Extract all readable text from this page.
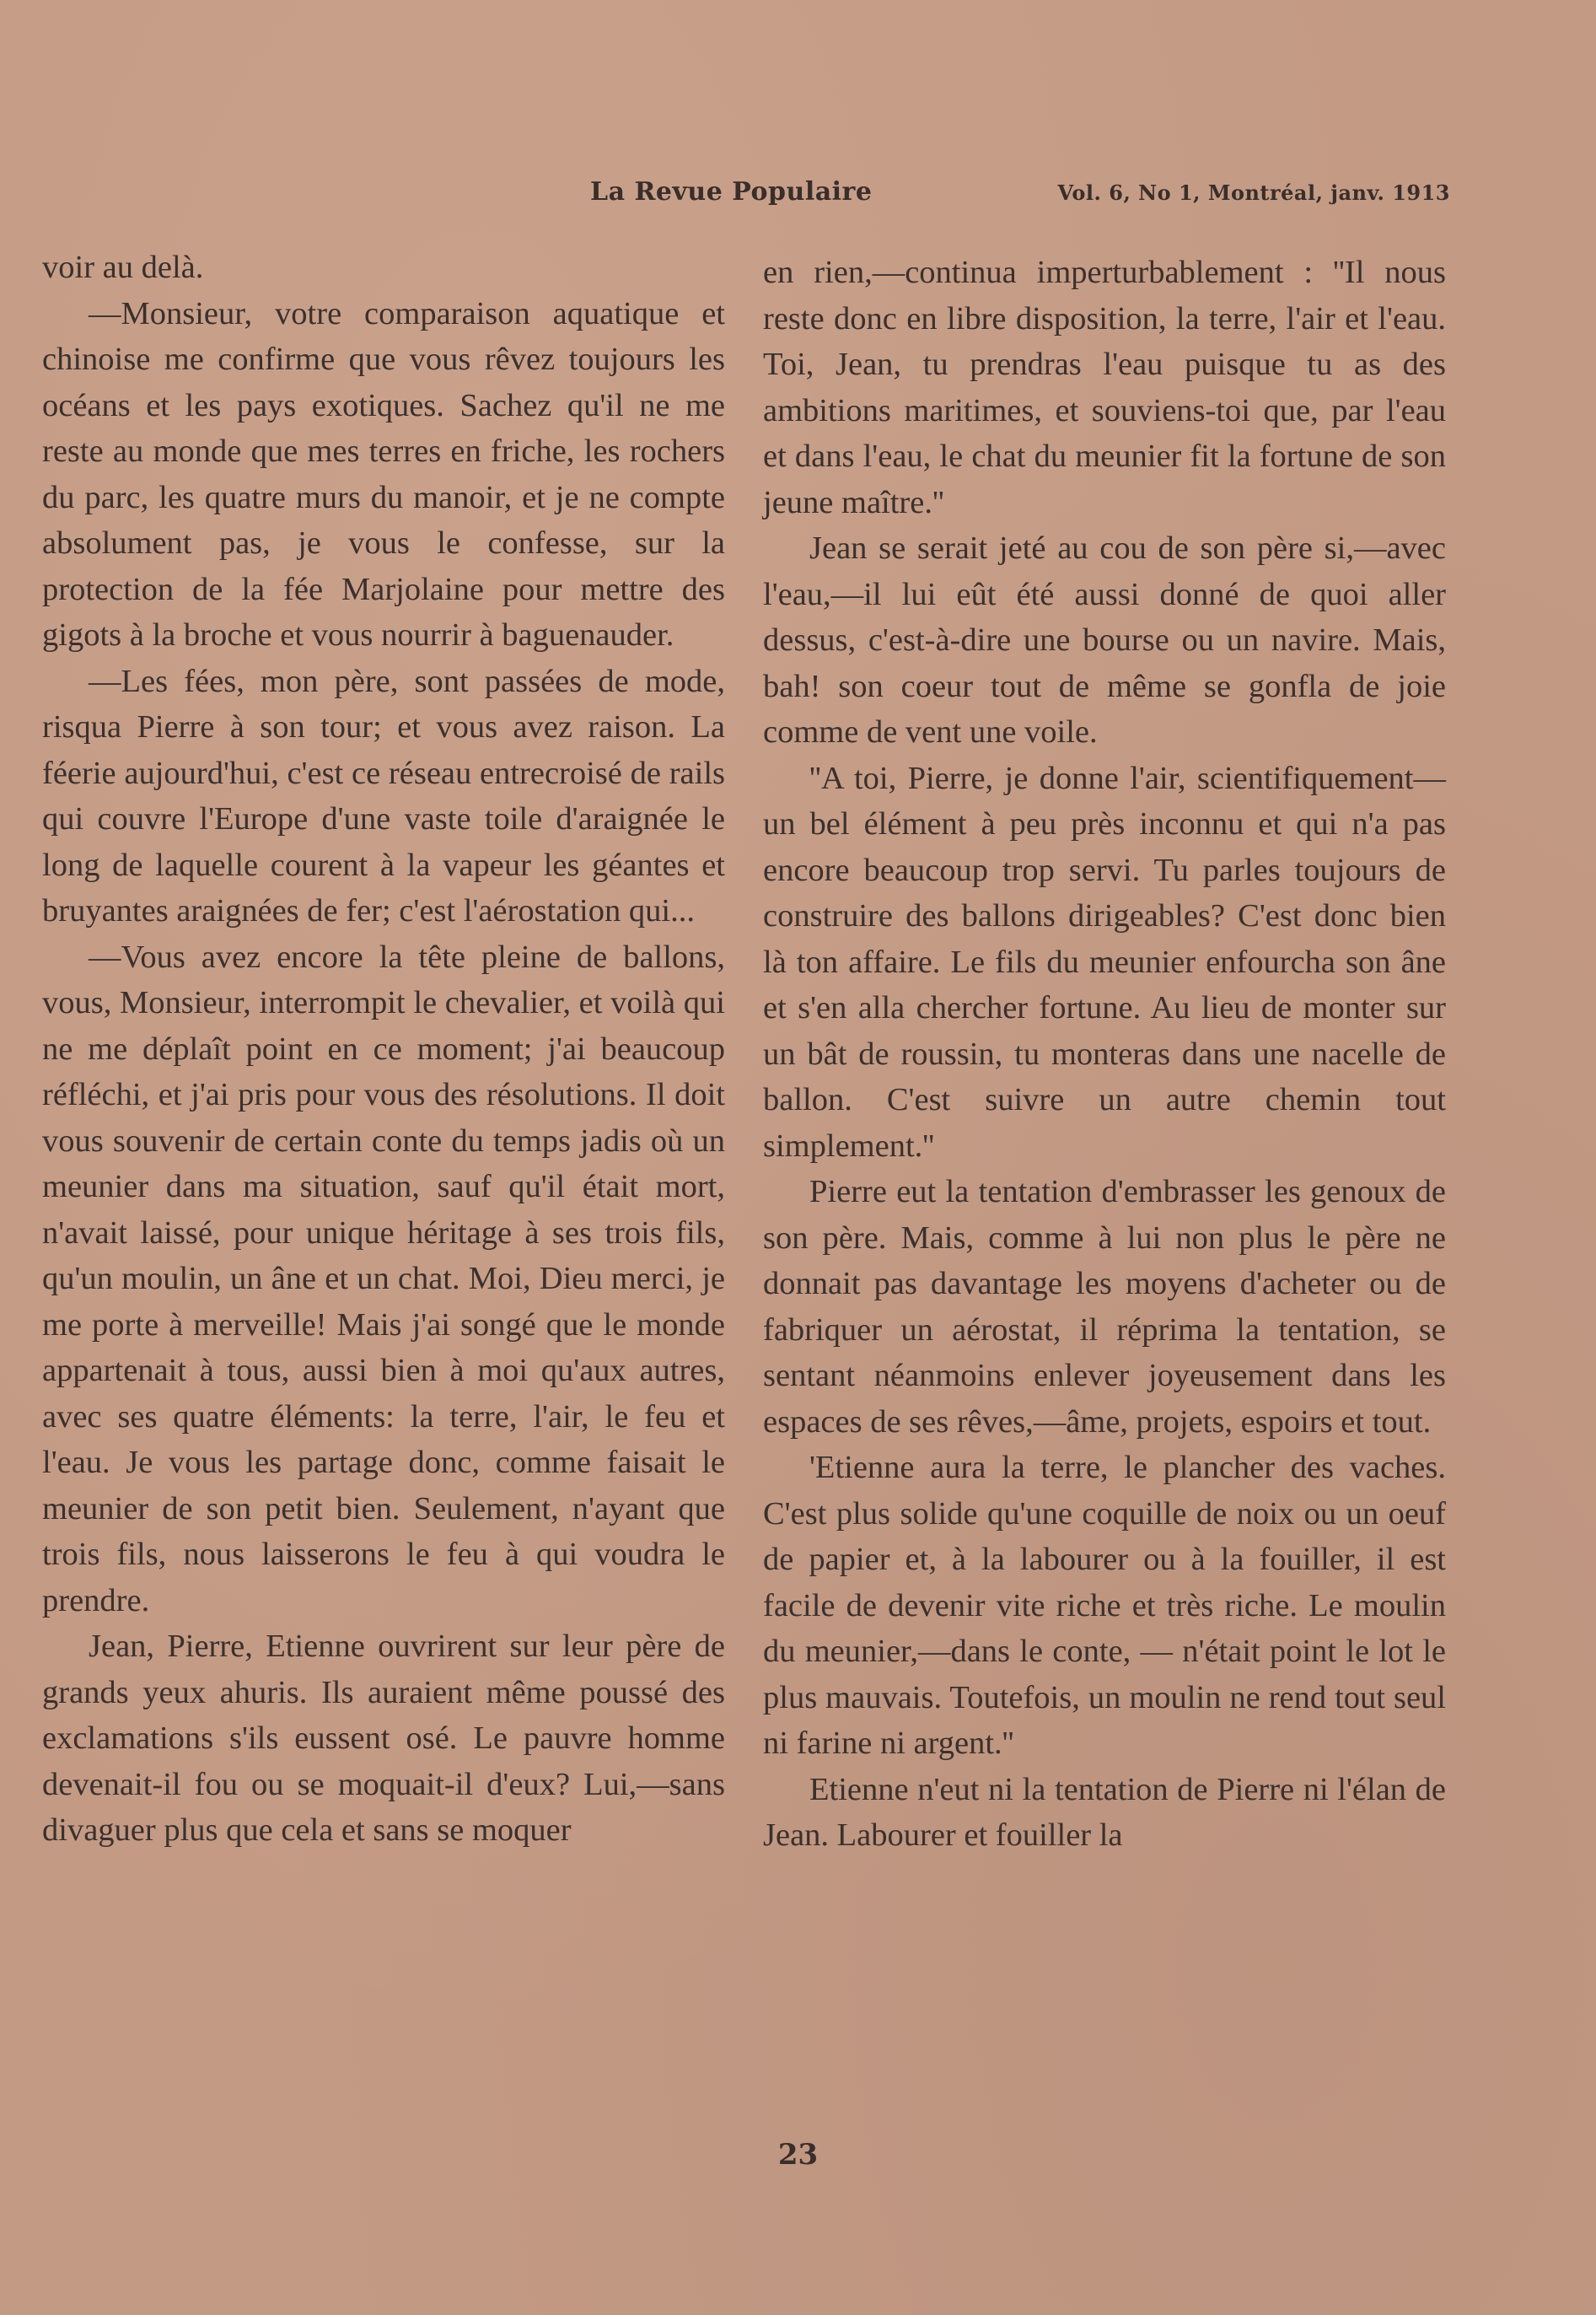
La Revue Populaire	Vol. 6, No 1, Montréal, janv. 1913

voir au delà.

—Monsieur, votre comparaison aquatique et chinoise me confirme que vous rêvez toujours les océans et les pays exotiques. Sachez qu'il ne me reste au monde que mes terres en friche, les rochers du parc, les quatre murs du manoir, et je ne compte absolument pas, je vous le confesse, sur la protection de la fée Marjolaine pour mettre des gigots à la broche et vous nourrir à baguenauder.

—Les fées, mon père, sont passées de mode, risqua Pierre à son tour; et vous avez raison. La féerie aujourd'hui, c'est ce réseau entrecroisé de rails qui couvre l'Europe d'une vaste toile d'araignée le long de laquelle courent à la vapeur les géantes et bruyantes araignées de fer; c'est l'aérostation qui...

—Vous avez encore la tête pleine de ballons, vous, Monsieur, interrompit le chevalier, et voilà qui ne me déplaît point en ce moment; j'ai beaucoup réfléchi, et j'ai pris pour vous des résolutions. Il doit vous souvenir de certain conte du temps jadis où un meunier dans ma situation, sauf qu'il était mort, n'avait laissé, pour unique héritage à ses trois fils, qu'un moulin, un âne et un chat. Moi, Dieu merci, je me porte à merveille! Mais j'ai songé que le monde appartenait à tous, aussi bien à moi qu'aux autres, avec ses quatre éléments: la terre, l'air, le feu et l'eau. Je vous les partage donc, comme faisait le meunier de son petit bien. Seulement, n'ayant que trois fils, nous laisserons le feu à qui voudra le prendre.

Jean, Pierre, Etienne ouvrirent sur leur père de grands yeux ahuris. Ils auraient même poussé des exclamations s'ils eussent osé. Le pauvre homme devenait-il fou ou se moquait-il d'eux? Lui,—sans divaguer plus que cela et sans se moquer

en rien,—continua imperturbablement : ''Il nous reste donc en libre disposition, la terre, l'air et l'eau. Toi, Jean, tu prendras l'eau puisque tu as des ambitions maritimes, et souviens-toi que, par l'eau et dans l'eau, le chat du meunier fit la fortune de son jeune maître.''

Jean se serait jeté au cou de son père si,—avec l'eau,—il lui eût été aussi donné de quoi aller dessus, c'est-à-dire une bourse ou un navire. Mais, bah! son coeur tout de même se gonfla de joie comme de vent une voile.

''A toi, Pierre, je donne l'air, scientifiquement—un bel élément à peu près inconnu et qui n'a pas encore beaucoup trop servi. Tu parles toujours de construire des ballons dirigeables? C'est donc bien là ton affaire. Le fils du meunier enfourcha son âne et s'en alla chercher fortune. Au lieu de monter sur un bât de roussin, tu monteras dans une nacelle de ballon. C'est suivre un autre chemin tout simplement.''

Pierre eut la tentation d'embrasser les genoux de son père. Mais, comme à lui non plus le père ne donnait pas davantage les moyens d'acheter ou de fabriquer un aérostat, il réprima la tentation, se sentant néanmoins enlever joyeusement dans les espaces de ses rêves,—âme, projets, espoirs et tout.

'Etienne aura la terre, le plancher des vaches. C'est plus solide qu'une coquille de noix ou un oeuf de papier et, à la labourer ou à la fouiller, il est facile de devenir vite riche et très riche. Le moulin du meunier,—dans le conte, — n'était point le lot le plus mauvais. Toutefois, un moulin ne rend tout seul ni farine ni argent.''

Etienne n'eut ni la tentation de Pierre ni l'élan de Jean. Labourer et fouiller la

23
